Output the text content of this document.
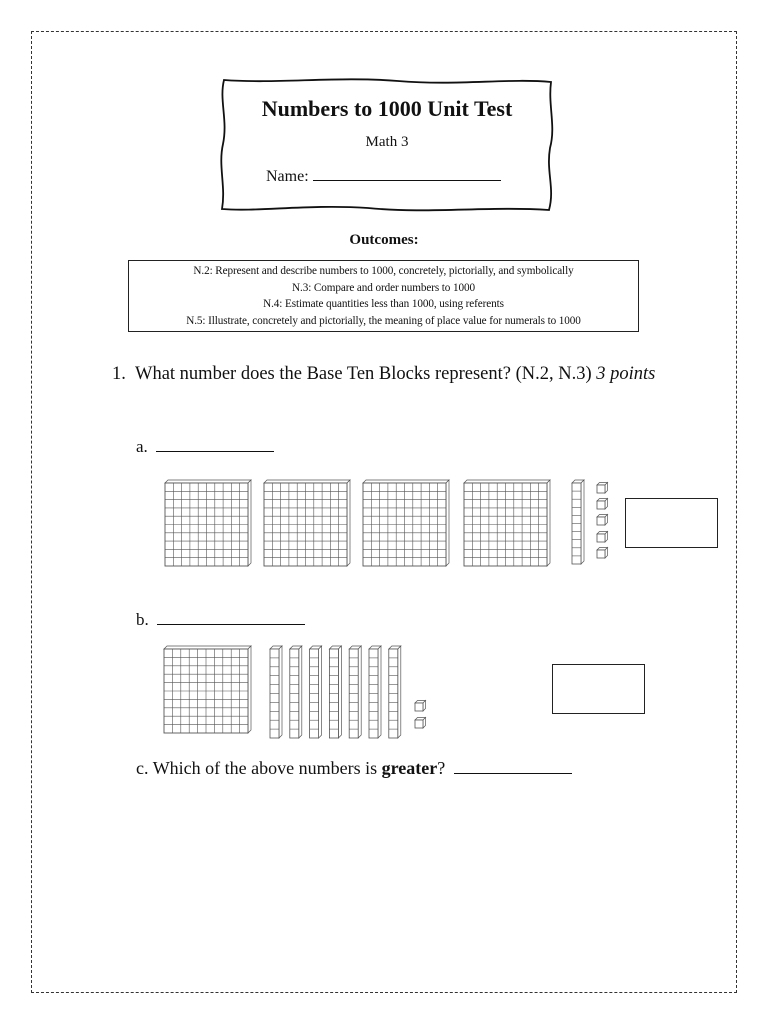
Numbers to 1000 Unit Test
Math 3
Name:
Outcomes:
N.2: Represent and describe numbers to 1000, concretely, pictorially, and symbolically
N.3: Compare and order numbers to 1000
N.4: Estimate quantities less than 1000, using referents
N.5: Illustrate, concretely and pictorially, the meaning of place value for numerals to 1000
1. What number does the Base Ten Blocks represent? (N.2, N.3) 3 points
a.
b.
c. Which of the above numbers is greater?
